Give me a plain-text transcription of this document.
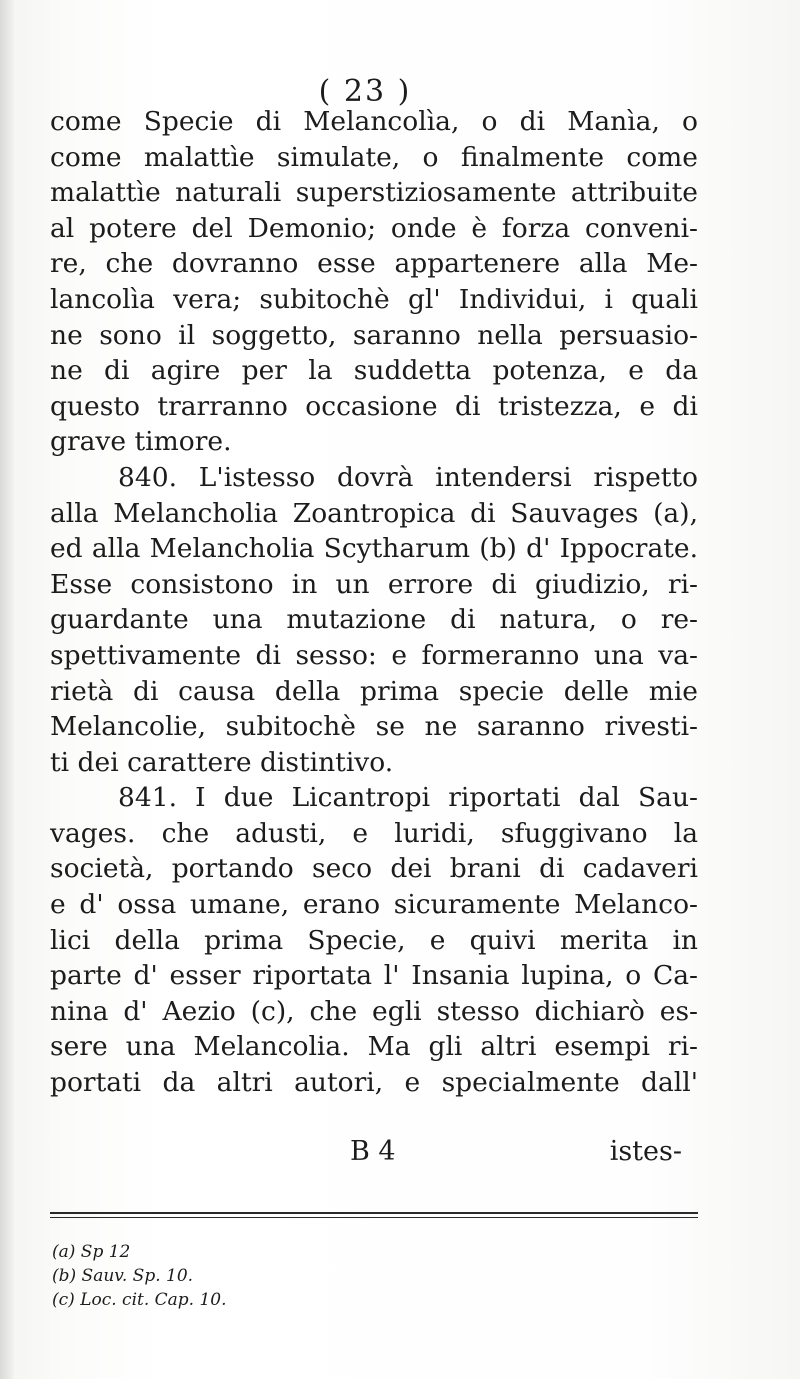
( 23 )
come Specie di Melancolìa, o di Manìa, o
come malattìe simulate, o finalmente come
malattìe naturali superstiziosamente attribuite
al potere del Demonio; onde è forza conveni-
re, che dovranno esse appartenere alla Me-
lancolìa vera; subitochè gl' Individui, i quali
ne sono il soggetto, saranno nella persuasio-
ne di agire per la suddetta potenza, e da
questo trarranno occasione di tristezza, e di
grave timore.
840. L'istesso dovrà intendersi rispetto
alla Melancholia Zoantropica di Sauvages (a),
ed alla Melancholia Scytharum (b) d' Ippocrate.
Esse consistono in un errore di giudizio, ri-
guardante una mutazione di natura, o re-
spettivamente di sesso: e formeranno una va-
rietà di causa della prima specie delle mie
Melancolie, subitochè se ne saranno rivesti-
ti dei carattere distintivo.
841. I due Licantropi riportati dal Sau-
vages. che adusti, e luridi, sfuggivano la
società, portando seco dei brani di cadaveri
e d' ossa umane, erano sicuramente Melanco-
lici della prima Specie, e quivi merita in
parte d' esser riportata l' Insania lupina, o Ca-
nina d' Aezio (c), che egli stesso dichiarò es-
sere una Melancolia. Ma gli altri esempi ri-
portati da altri autori, e specialmente dall'
B 4	istes-
(a) Sp 12
(b) Sauv. Sp. 10.
(c) Loc. cit. Cap. 10.
